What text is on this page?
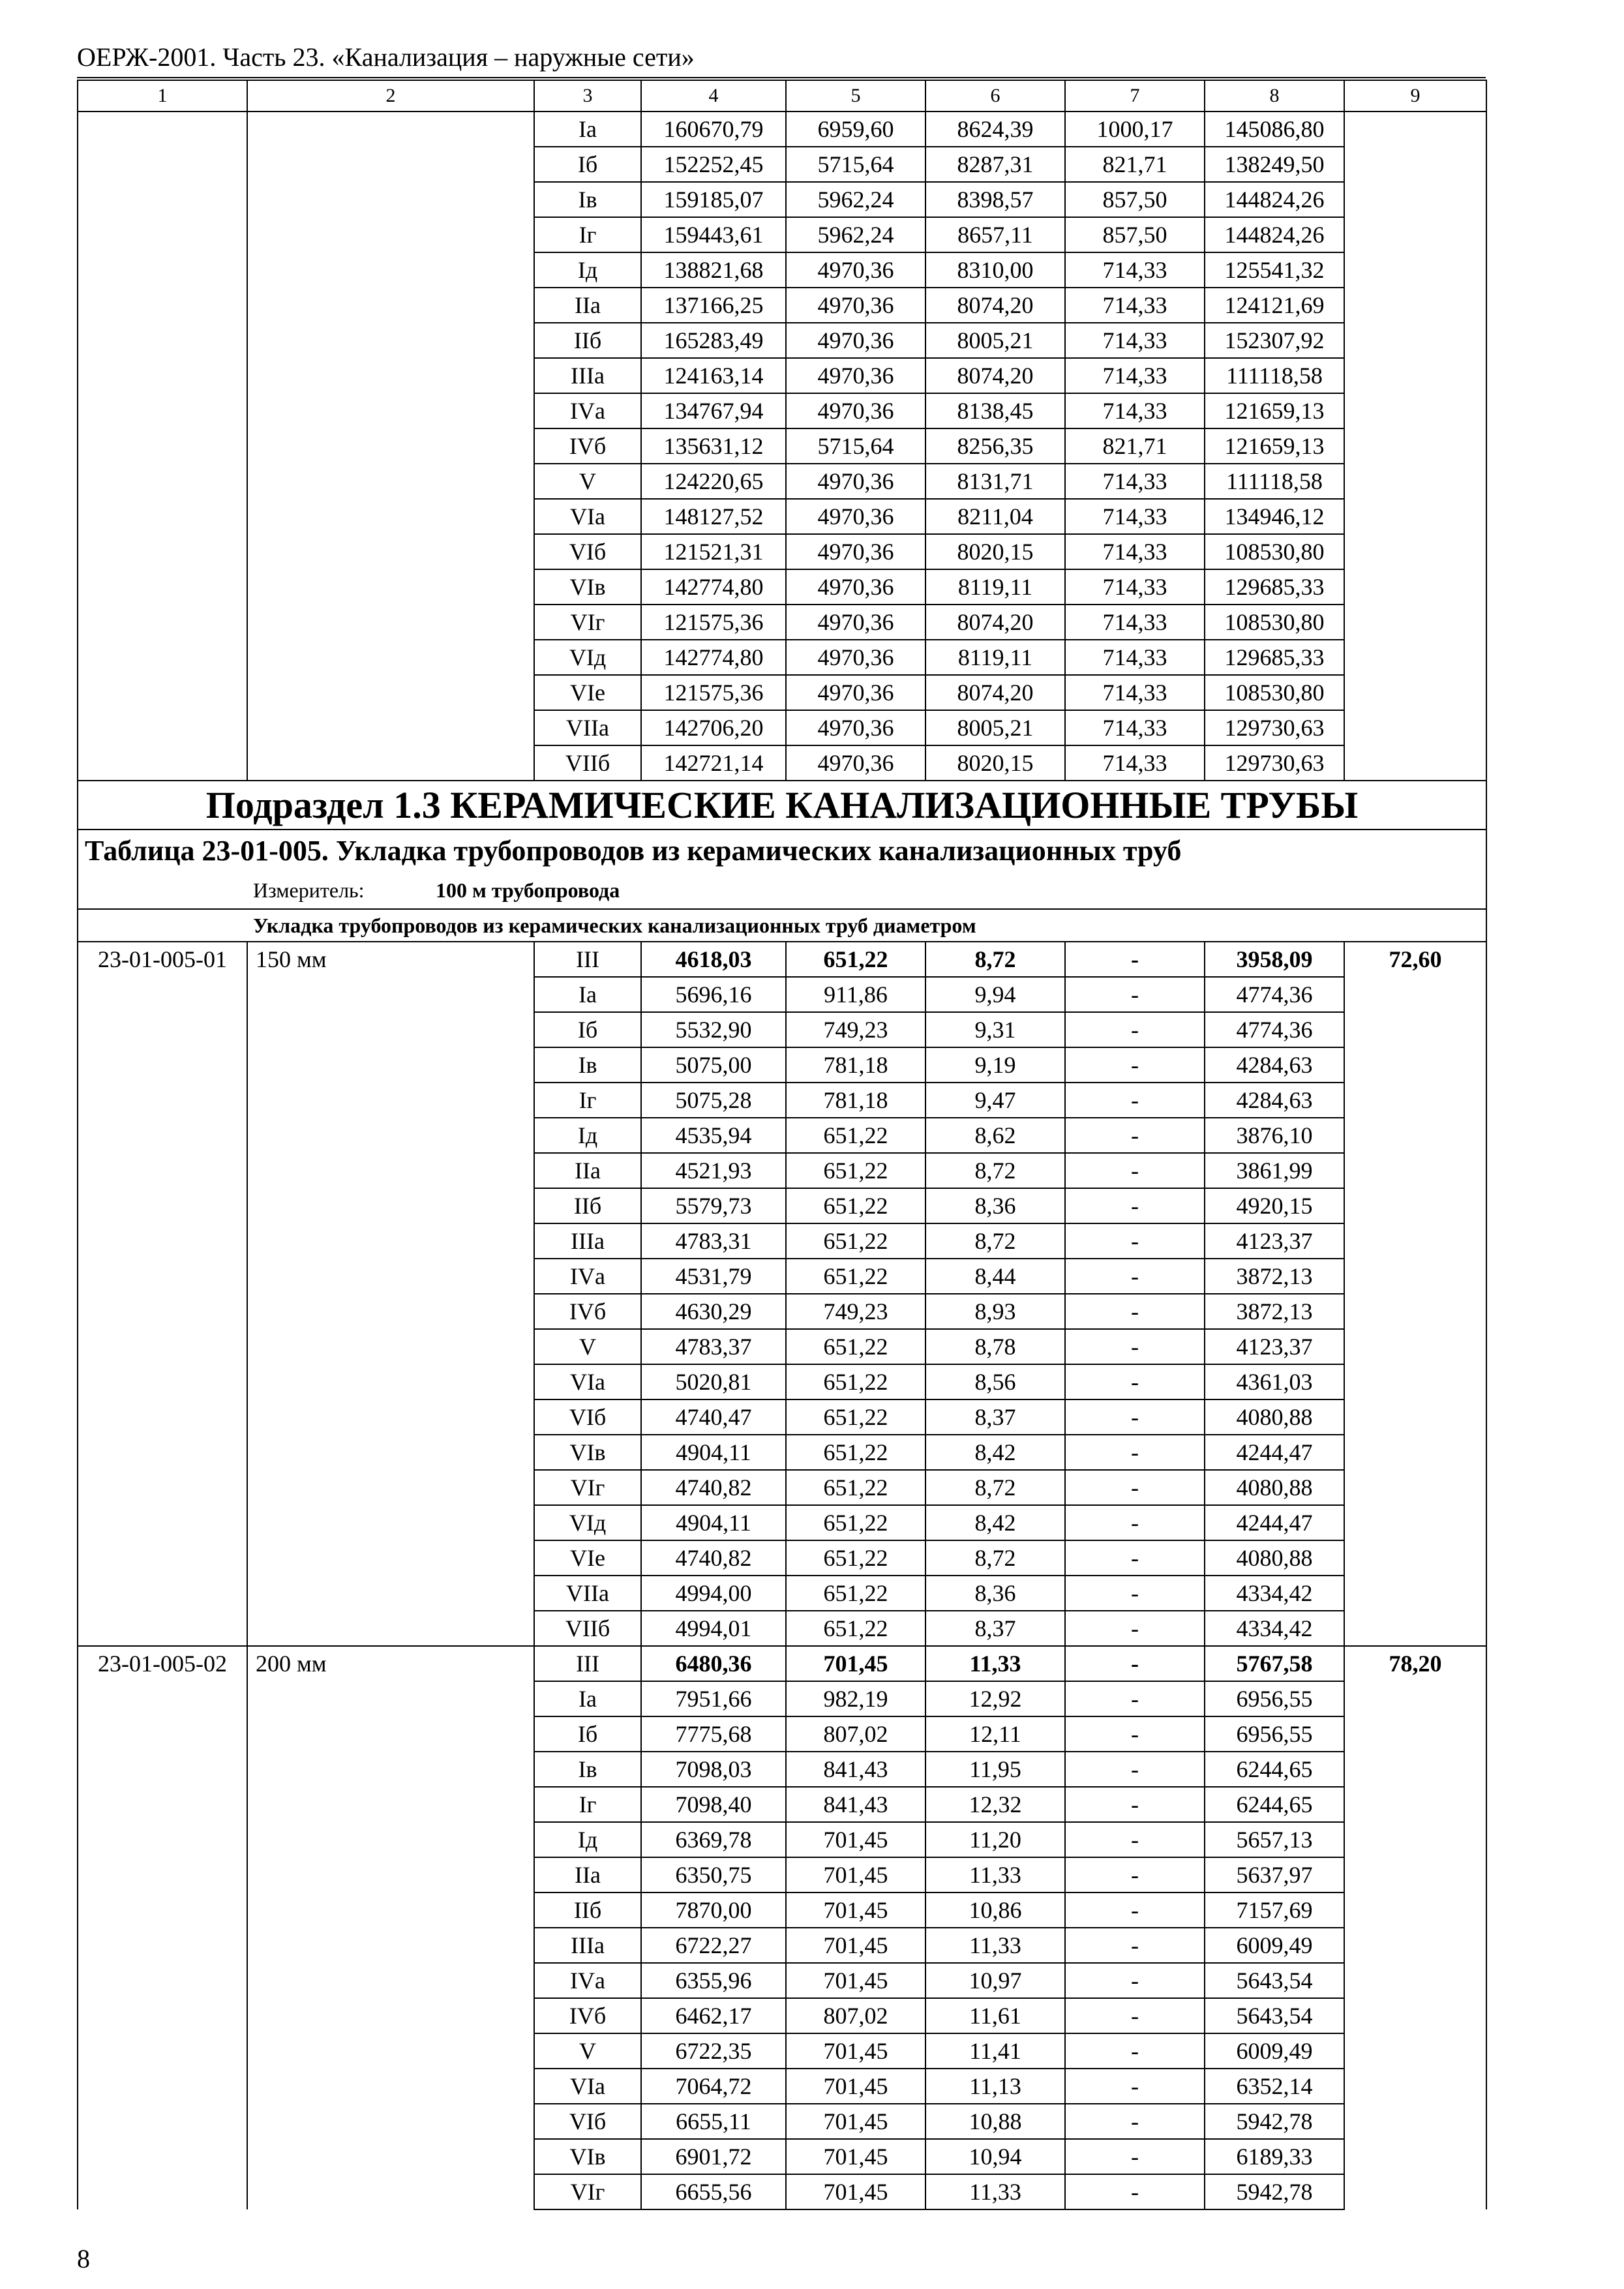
ОЕРЖ-2001. Часть 23. «Канализация – наружные сети»
1	2	3	4	5	6	7	8	9
		Iа	160670,79	6959,60	8624,39	1000,17	145086,80	
		Iб	152252,45	5715,64	8287,31	821,71	138249,50	
		Iв	159185,07	5962,24	8398,57	857,50	144824,26	
		Iг	159443,61	5962,24	8657,11	857,50	144824,26	
		Iд	138821,68	4970,36	8310,00	714,33	125541,32	
		IIа	137166,25	4970,36	8074,20	714,33	124121,69	
		IIб	165283,49	4970,36	8005,21	714,33	152307,92	
		IIIа	124163,14	4970,36	8074,20	714,33	111118,58	
		IVа	134767,94	4970,36	8138,45	714,33	121659,13	
		IVб	135631,12	5715,64	8256,35	821,71	121659,13	
		V	124220,65	4970,36	8131,71	714,33	111118,58	
		VIа	148127,52	4970,36	8211,04	714,33	134946,12	
		VIб	121521,31	4970,36	8020,15	714,33	108530,80	
		VIв	142774,80	4970,36	8119,11	714,33	129685,33	
		VIг	121575,36	4970,36	8074,20	714,33	108530,80	
		VIд	142774,80	4970,36	8119,11	714,33	129685,33	
		VIе	121575,36	4970,36	8074,20	714,33	108530,80	
		VIIа	142706,20	4970,36	8005,21	714,33	129730,63	
		VIIб	142721,14	4970,36	8020,15	714,33	129730,63	
Подраздел 1.3 КЕРАМИЧЕСКИЕ КАНАЛИЗАЦИОННЫЕ ТРУБЫ								
Таблица 23-01-005. Укладка трубопроводов из керамических канализационных труб								
Измеритель: 100 м трубопровода								
Укладка трубопроводов из керамических канализационных труб диаметром								
23-01-005-01	150 мм	III	4618,03	651,22	8,72	-	3958,09	72,60
		Iа	5696,16	911,86	9,94	-	4774,36	
		Iб	5532,90	749,23	9,31	-	4774,36	
		Iв	5075,00	781,18	9,19	-	4284,63	
		Iг	5075,28	781,18	9,47	-	4284,63	
		Iд	4535,94	651,22	8,62	-	3876,10	
		IIа	4521,93	651,22	8,72	-	3861,99	
		IIб	5579,73	651,22	8,36	-	4920,15	
		IIIа	4783,31	651,22	8,72	-	4123,37	
		IVа	4531,79	651,22	8,44	-	3872,13	
		IVб	4630,29	749,23	8,93	-	3872,13	
		V	4783,37	651,22	8,78	-	4123,37	
		VIа	5020,81	651,22	8,56	-	4361,03	
		VIб	4740,47	651,22	8,37	-	4080,88	
		VIв	4904,11	651,22	8,42	-	4244,47	
		VIг	4740,82	651,22	8,72	-	4080,88	
		VIд	4904,11	651,22	8,42	-	4244,47	
		VIе	4740,82	651,22	8,72	-	4080,88	
		VIIа	4994,00	651,22	8,36	-	4334,42	
		VIIб	4994,01	651,22	8,37	-	4334,42	
23-01-005-02	200 мм	III	6480,36	701,45	11,33	-	5767,58	78,20
		Iа	7951,66	982,19	12,92	-	6956,55	
		Iб	7775,68	807,02	12,11	-	6956,55	
		Iв	7098,03	841,43	11,95	-	6244,65	
		Iг	7098,40	841,43	12,32	-	6244,65	
		Iд	6369,78	701,45	11,20	-	5657,13	
		IIа	6350,75	701,45	11,33	-	5637,97	
		IIб	7870,00	701,45	10,86	-	7157,69	
		IIIа	6722,27	701,45	11,33	-	6009,49	
		IVа	6355,96	701,45	10,97	-	5643,54	
		IVб	6462,17	807,02	11,61	-	5643,54	
		V	6722,35	701,45	11,41	-	6009,49	
		VIа	7064,72	701,45	11,13	-	6352,14	
		VIб	6655,11	701,45	10,88	-	5942,78	
		VIв	6901,72	701,45	10,94	-	6189,33	
		VIг	6655,56	701,45	11,33	-	5942,78	
8
